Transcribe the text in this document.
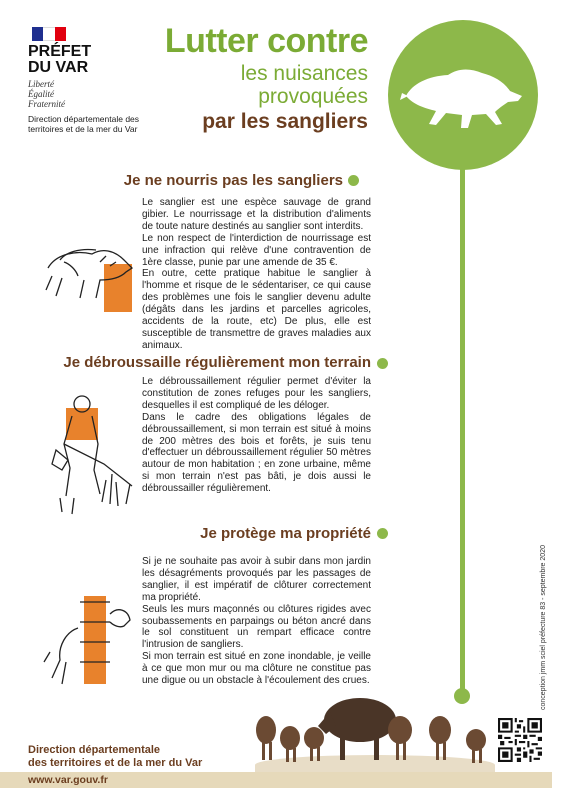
PRÉFET
DU VAR
Liberté
Égalité
Fraternité
Direction départementale des territoires et de la mer du Var
Lutter contre
les nuisances
provoquées
par les sangliers
Je ne nourris pas les sangliers

Le sanglier est une espèce sauvage de grand gibier. Le nourrissage et la distribution d'aliments de toute nature destinés au sanglier sont interdits.

Le non respect de l'interdiction de nourrissage est une infraction qui relève d'une contravention de 1ère classe, punie par une amende de 35 €.

En outre, cette pratique habitue le sanglier à l'homme et risque de le sédentariser, ce qui cause des problèmes une fois le sanglier devenu adulte (dégâts dans les jardins et parcelles agricoles, accidents de la route, etc) De plus, elle est susceptible de transmettre de graves maladies aux animaux.

Je débroussaille régulièrement mon terrain

Le débroussaillement régulier permet d'éviter la constitution de zones refuges pour les sangliers, desquelles il est compliqué de les déloger.

Dans le cadre des obligations légales de débroussaillement, si mon terrain est situé à moins de 200 mètres des bois et forêts, je suis tenu d'effectuer un débroussaillement régulier 50 mètres autour de mon habitation ; en zone urbaine, même si mon terrain n'est pas bâti, je dois aussi le débroussailler régulièrement.

Je protège ma propriété

Si je ne souhaite pas avoir à subir dans mon jardin les désagréments provoqués par les passages de sanglier, il est impératif de clôturer correctement ma propriété.

Seuls les murs maçonnés ou clôtures rigides avec soubassements en parpaings ou béton ancré dans le sol constituent un rempart efficace contre l'intrusion de sangliers.

Si mon terrain est situé en zone inondable, je veille à ce que mon mur ou ma clôture ne constitue pas une digue ou un obstacle à l'écoulement des crues.	conception jmm sciel préfecture 83 - septembre 2020
Direction départementale
des territoires et de la mer du Var
www.var.gouv.fr
